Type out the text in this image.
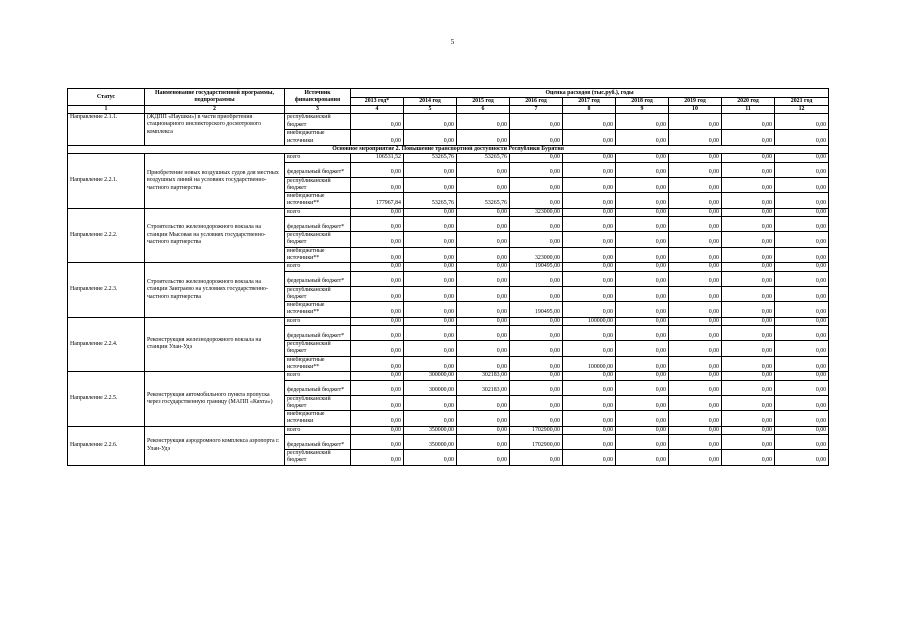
5
Статус	Наименование государственной программы, подпрограммы	Источник финансирования	Оценка расходов (тыс.руб.), годы								
			2013 год*	2014 год	2015 год	2016 год	2017 год	2018 год	2019 год	2020 год	2021 год
1	2	3	4	5	6	7	8	9	10	11	12
Направление 2.1.1.	(ЖДПП «Наушки») в части приобретения стационарного инспекторского досмотрового комплекса	республиканский бюджет	0,00	0,00	0,00	0,00	0,00	0,00	0,00	0,00	0,00
		внебюджетные источники	0,00	0,00	0,00	0,00	0,00	0,00	0,00	0,00	0,00
Основное мероприятие 2. Повышение транспортной доступности Республики Бурятия											
Направление 2.2.1.	Приобретение новых воздушных судов для местных воздушных линий на условиях государственно-частного партнерства	всего	106531,52	53265,76	53265,76	0,00	0,00	0,00	0,00	0,00	0,00
		федеральный бюджет*	0,00	0,00	0,00	0,00	0,00	0,00	0,00	0,00	0,00
		республиканский бюджет	0,00	0,00	0,00	0,00	0,00	0,00	0,00	0,00	0,00
		внебюджетные источники**	177967,84	53265,76	53265,76	0,00	0,00	0,00	0,00	0,00	0,00
Направление 2.2.2.	Строительство железнодорожного вокзала на станции Мысовая на условиях государственно-частного партнерства	всего	0,00	0,00	0,00	323000,00	0,00	0,00	0,00	0,00	0,00
		федеральный бюджет*	0,00	0,00	0,00	0,00	0,00	0,00	0,00	0,00	0,00
		республиканский бюджет	0,00	0,00	0,00	0,00	0,00	0,00	0,00	0,00	0,00
		внебюджетные источники**	0,00	0,00	0,00	323000,00	0,00	0,00	0,00	0,00	0,00
Направление 2.2.3.	Строительство железнодорожного вокзала на станции Заиграево на условиях государственно-частного партнерства	всего	0,00	0,00	0,00	190495,00	0,00	0,00	0,00	0,00	0,00
		федеральный бюджет*	0,00	0,00	0,00	0,00	0,00	0,00	0,00	0,00	0,00
		республиканский бюджет	0,00	0,00	0,00	0,00	0,00	0,00	0,00	0,00	0,00
		внебюджетные источники**	0,00	0,00	0,00	190495,00	0,00	0,00	0,00	0,00	0,00
Направление 2.2.4.	Реконструкция железнодорожного вокзала на станции Улан-Удэ	всего	0,00	0,00	0,00	0,00	100000,00	0,00	0,00	0,00	0,00
		федеральный бюджет*	0,00	0,00	0,00	0,00	0,00	0,00	0,00	0,00	0,00
		республиканский бюджет	0,00	0,00	0,00	0,00	0,00	0,00	0,00	0,00	0,00
		внебюджетные источники**	0,00	0,00	0,00	0,00	100000,00	0,00	0,00	0,00	0,00
Направление 2.2.5.	Реконструкция автомобильного пункта пропуска через государственную границу (МАПП «Кяхта»)	всего	0,00	300000,00	302183,00	0,00	0,00	0,00	0,00	0,00	0,00
		федеральный бюджет*	0,00	300000,00	302183,00	0,00	0,00	0,00	0,00	0,00	0,00
		республиканский бюджет	0,00	0,00	0,00	0,00	0,00	0,00	0,00	0,00	0,00
		внебюджетные источники	0,00	0,00	0,00	0,00	0,00	0,00	0,00	0,00	0,00
Направление 2.2.6.	Реконструкция аэродромного комплекса аэропорта г. Улан-Удэ	всего	0,00	350000,00	0,00	1702900,00	0,00	0,00	0,00	0,00	0,00
		федеральный бюджет*	0,00	350000,00	0,00	1702900,00	0,00	0,00	0,00	0,00	0,00
		республиканский бюджет	0,00	0,00	0,00	0,00	0,00	0,00	0,00	0,00	0,00
